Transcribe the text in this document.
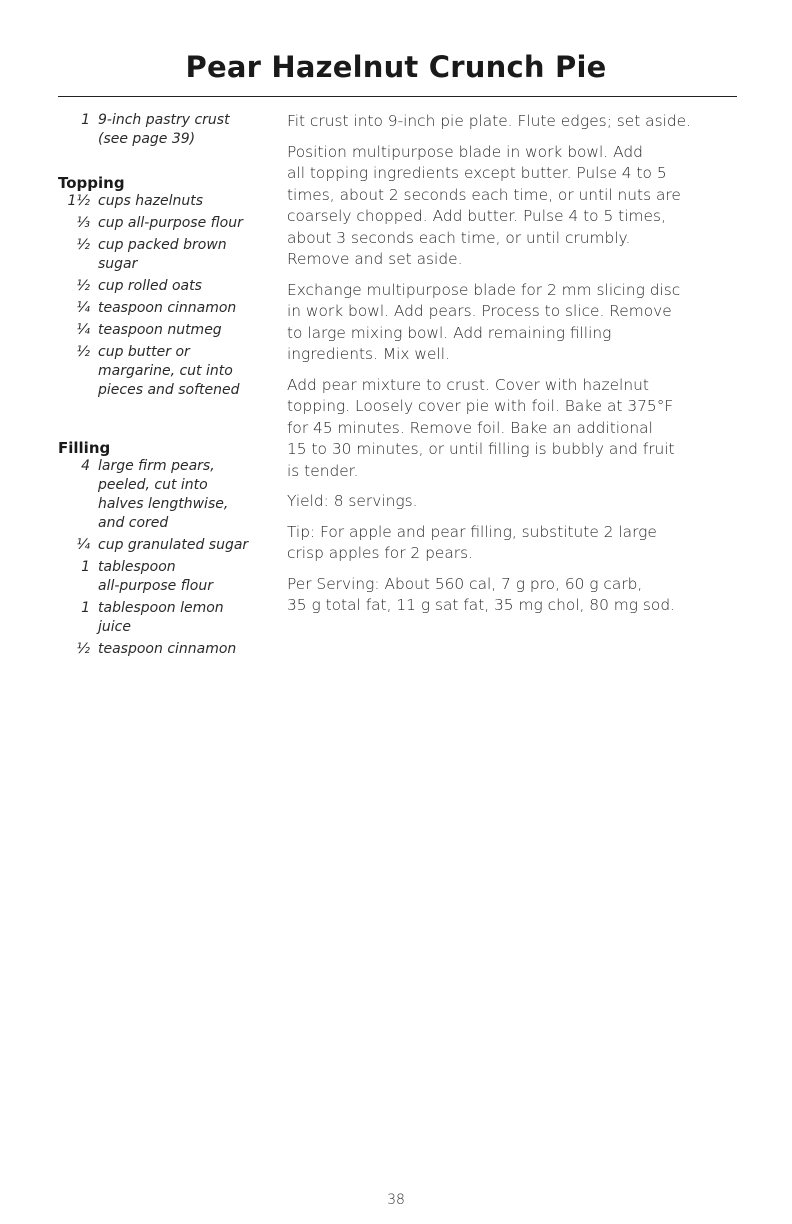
Pear Hazelnut Crunch Pie
1 9-inch pastry crust
(see page 39)
Topping
1½ cups hazelnuts
⅓ cup all-purpose flour
½ cup packed brown
sugar
½ cup rolled oats
¼ teaspoon cinnamon
¼ teaspoon nutmeg
½ cup butter or
margarine, cut into
pieces and softened
Filling
4 large firm pears,
peeled, cut into
halves lengthwise,
and cored
¼ cup granulated sugar
1 tablespoon
all-purpose flour
1 tablespoon lemon
juice
½ teaspoon cinnamon

Fit crust into 9-inch pie plate. Flute edges; set aside.

Position multipurpose blade in work bowl. Add
all topping ingredients except butter. Pulse 4 to 5
times, about 2 seconds each time, or until nuts are
coarsely chopped. Add butter. Pulse 4 to 5 times,
about 3 seconds each time, or until crumbly.
Remove and set aside.

Exchange multipurpose blade for 2 mm slicing disc
in work bowl. Add pears. Process to slice. Remove
to large mixing bowl. Add remaining filling
ingredients. Mix well.

Add pear mixture to crust. Cover with hazelnut
topping. Loosely cover pie with foil. Bake at 375°F
for 45 minutes. Remove foil. Bake an additional
15 to 30 minutes, or until filling is bubbly and fruit
is tender.

Yield: 8 servings.

Tip: For apple and pear filling, substitute 2 large
crisp apples for 2 pears.

Per Serving: About 560 cal, 7 g pro, 60 g carb,
35 g total fat, 11 g sat fat, 35 mg chol, 80 mg sod.

38
